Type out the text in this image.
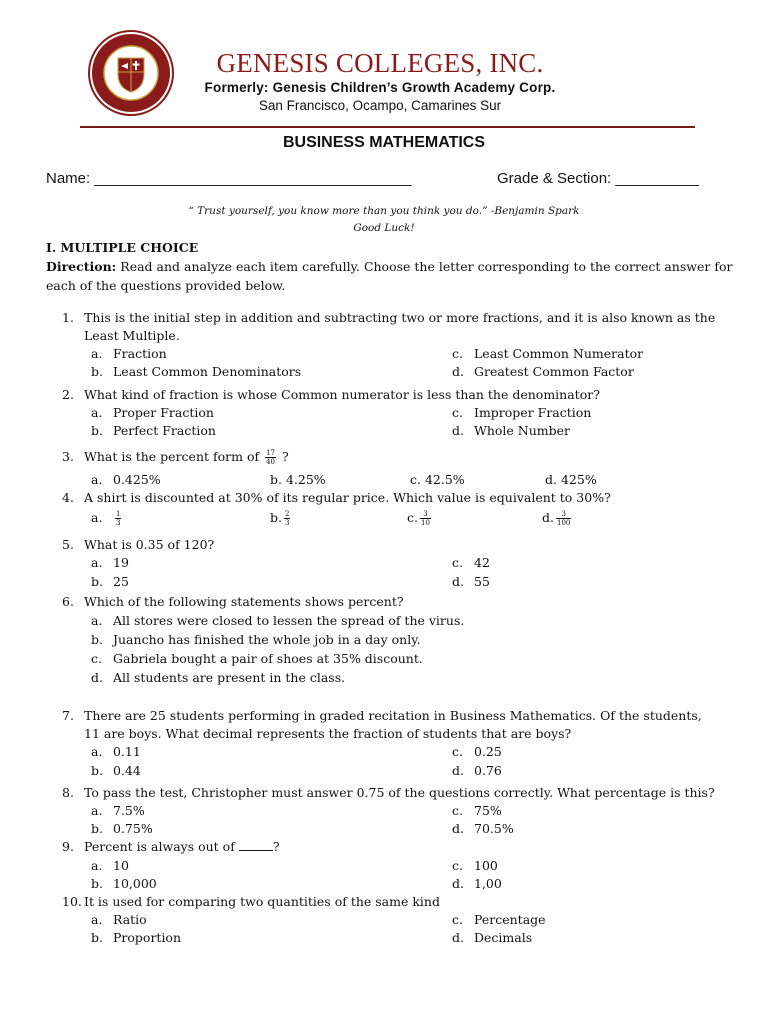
GENESIS COLLEGES, INC.
Formerly: Genesis Children’s Growth Academy Corp.
San Francisco, Ocampo, Camarines Sur
BUSINESS MATHEMATICS
Name: ______________________________________	Grade & Section: __________
“ Trust yourself, you know more than you think you do.” -Benjamin Spark
Good Luck!
I. MULTIPLE CHOICE
Direction: Read and analyze each item carefully. Choose the letter corresponding to the correct answer for each of the questions provided below.
1. This is the initial step in addition and subtracting two or more fractions, and it is also known as the Least Multiple.
a. Fraction	c. Least Common Numerator
b. Least Common Denominators	d. Greatest Common Factor
2. What kind of fraction is whose Common numerator is less than the denominator?
a. Proper Fraction	c. Improper Fraction
b. Perfect Fraction	d. Whole Number
3. What is the percent form of $\frac{17}{40}$ ?
a. 0.425%	b. 4.25%	c. 42.5%	d. 425%
4. A shirt is discounted at 30% of its regular price. Which value is equivalent to 30%?
a. $\frac{1}{3}$	b. $\frac{2}{3}$	c. $\frac{3}{10}$	d. $\frac{3}{100}$
5. What is 0.35 of 120?
a. 19	c. 42
b. 25	d. 55
6. Which of the following statements shows percent?
a. All stores were closed to lessen the spread of the virus.
b. Juancho has finished the whole job in a day only.
c. Gabriela bought a pair of shoes at 35% discount.
d. All students are present in the class.
7. There are 25 students performing in graded recitation in Business Mathematics. Of the students, 11 are boys. What decimal represents the fraction of students that are boys?
a. 0.11	c. 0.25
b. 0.44	d. 0.76
8. To pass the test, Christopher must answer 0.75 of the questions correctly. What percentage is this?
a. 7.5%	c. 75%
b. 0.75%	d. 70.5%
9. Percent is always out of	?
a. 10	c. 100
b. 10,000	d. 1,00
10. It is used for comparing two quantities of the same kind
a. Ratio	c. Percentage
b. Proportion	d. Decimals
